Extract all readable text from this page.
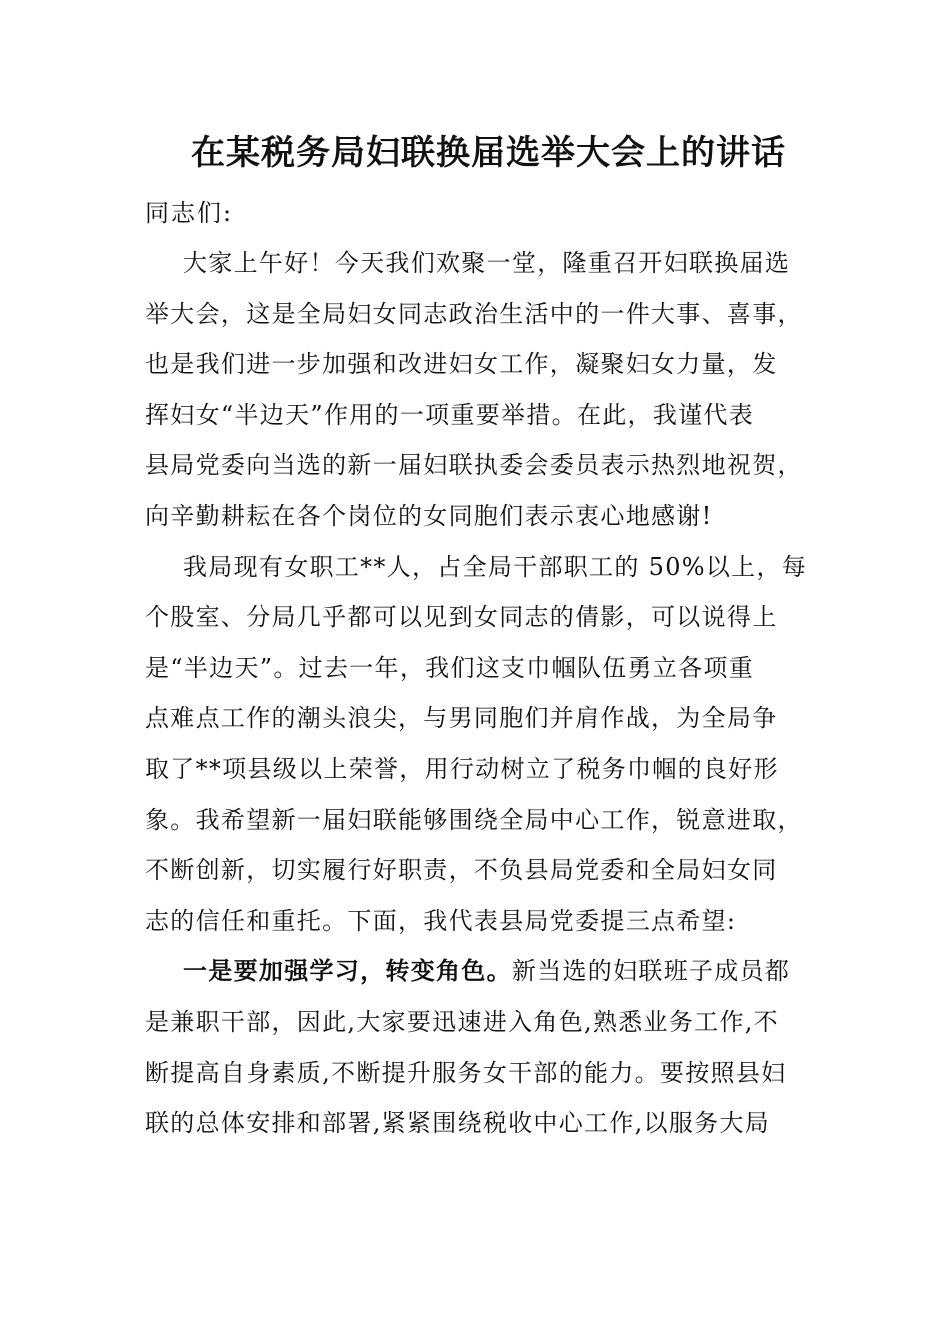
在某税务局妇联换届选举大会上的讲话

同志们:

大家上午好！今天我们欢聚一堂，隆重召开妇联换届选
举大会，这是全局妇女同志政治生活中的一件大事、喜事，
也是我们进一步加强和改进妇女工作，凝聚妇女力量，发
挥妇女“半边天”作用的一项重要举措。在此，我谨代表
县局党委向当选的新一届妇联执委会委员表示热烈地祝贺，
向辛勤耕耘在各个岗位的女同胞们表示衷心地感谢!
我局现有女职工**人，占全局干部职工的 50%以上，每
个股室、分局几乎都可以见到女同志的倩影，可以说得上
是“半边天”。过去一年，我们这支巾帼队伍勇立各项重
点难点工作的潮头浪尖，与男同胞们并肩作战，为全局争
取了**项县级以上荣誉，用行动树立了税务巾帼的良好形
象。我希望新一届妇联能够围绕全局中心工作，锐意进取，
不断创新，切实履行好职责，不负县局党委和全局妇女同
志的信任和重托。下面，我代表县局党委提三点希望:
一是要加强学习，转变角色。新当选的妇联班子成员都
是兼职干部，因此,大家要迅速进入角色,熟悉业务工作,不
断提高自身素质,不断提升服务女干部的能力。要按照县妇
联的总体安排和部署,紧紧围绕税收中心工作,以服务大局
